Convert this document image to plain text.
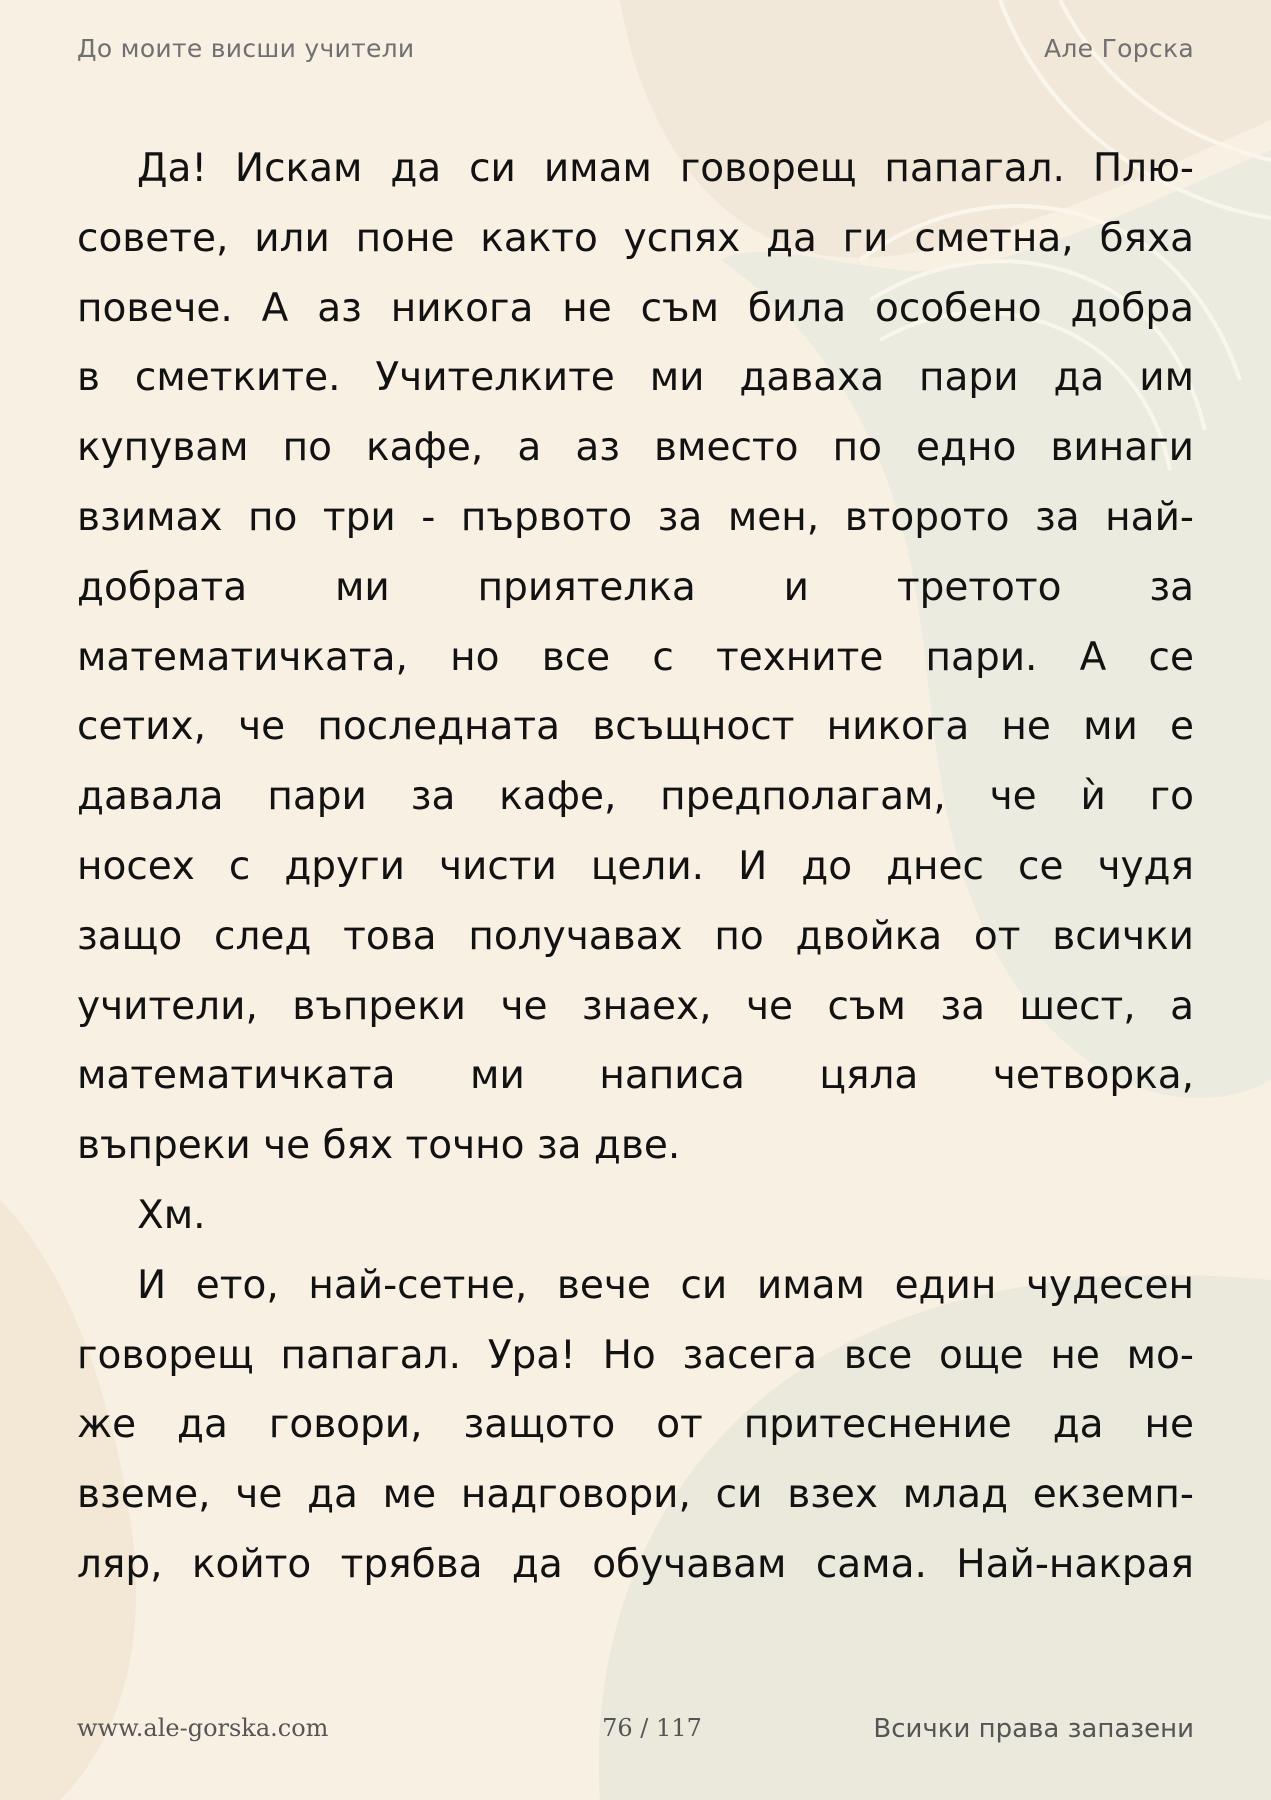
До моите висши учители	Але Горска
Да! Искам да си имам говорещ папагал. Плю-
совете, или поне както успях да ги сметна, бяха
повече. А аз никога не съм била особено добра
в сметките. Учителките ми даваха пари да им
купувам по кафе, а аз вместо по едно винаги
взимах по три - първото за мен, второто за най-
добрата ми приятелка и третото за
математичката, но все с техните пари. А се
сетих, че последната всъщност никога не ми е
давала пари за кафе, предполагам, че ѝ го
носех с други чисти цели. И до днес се чудя
защо след това получавах по двойка от всички
учители, въпреки че знаех, че съм за шест, а
математичката ми написа цяла четворка,
въпреки че бях точно за две.
Хм.
И ето, най-сетне, вече си имам един чудесен
говорещ папагал. Ура! Но засега все още не мо-
же да говори, защото от притеснение да не
вземе, че да ме надговори, си взех млад екземп-
ляр, който трябва да обучавам сама. Най-накрая
www.ale-gorska.com	76 / 117	Всички права запазени
